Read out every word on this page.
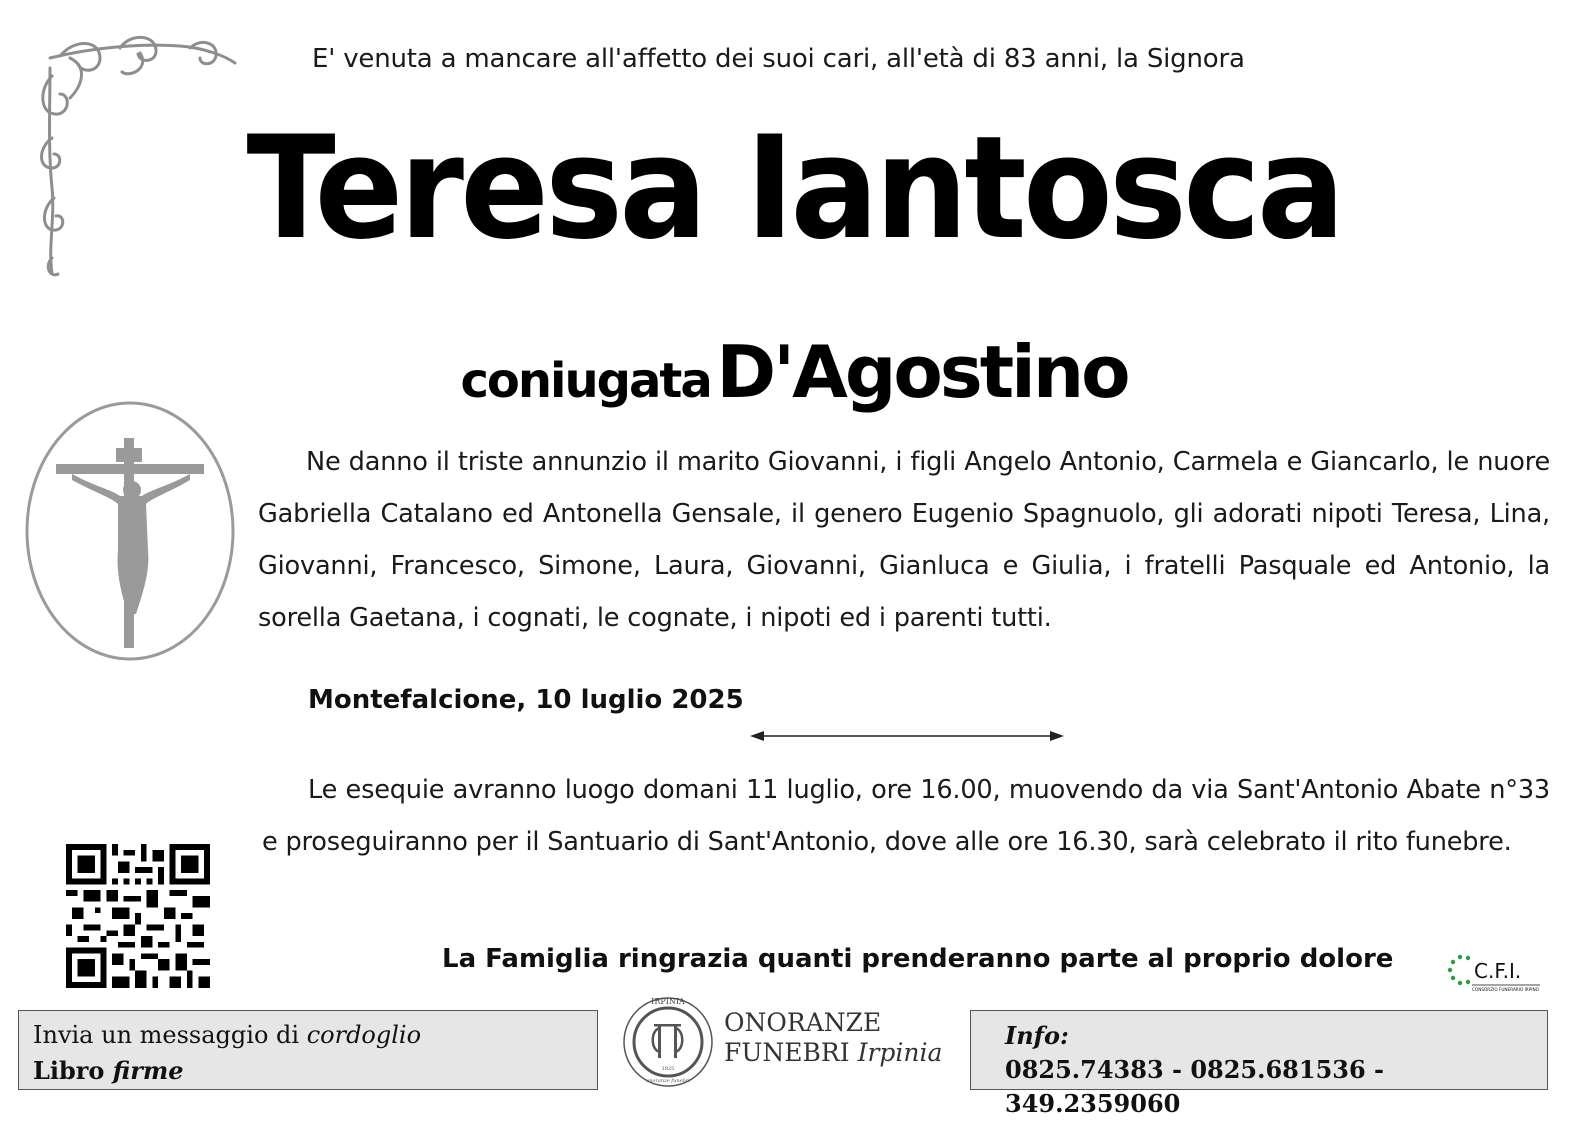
E' venuta a mancare all'affetto dei suoi cari, all'età di 83 anni, la Signora
Teresa Iantosca
coniugata D'Agostino
Ne danno il triste annunzio il marito Giovanni, i figli Angelo Antonio, Carmela e Giancarlo, le nuore Gabriella Catalano ed Antonella Gensale, il genero Eugenio Spagnuolo, gli adorati nipoti Teresa, Lina, Giovanni, Francesco, Simone, Laura, Giovanni, Gianluca e Giulia, i fratelli Pasquale ed Antonio, la sorella Gaetana, i cognati, le cognate, i nipoti ed i parenti tutti.
Montefalcione, 10 luglio 2025
Le esequie avranno luogo domani 11 luglio, ore 16.00, muovendo da via Sant'Antonio Abate n°33 e proseguiranno per il Santuario di Sant'Antonio, dove alle ore 16.30, sarà celebrato il rito funebre.
La Famiglia ringrazia quanti prenderanno parte al proprio dolore	C.F.I.
CONSORZIO FUNERARIO IRPINO
Invia un messaggio di cordoglio
Libro firme
IRPINIA
1925
onoranze funebri
ONORANZE
FUNEBRI Irpinia
Info:
0825.74383 - 0825.681536 - 349.2359060
